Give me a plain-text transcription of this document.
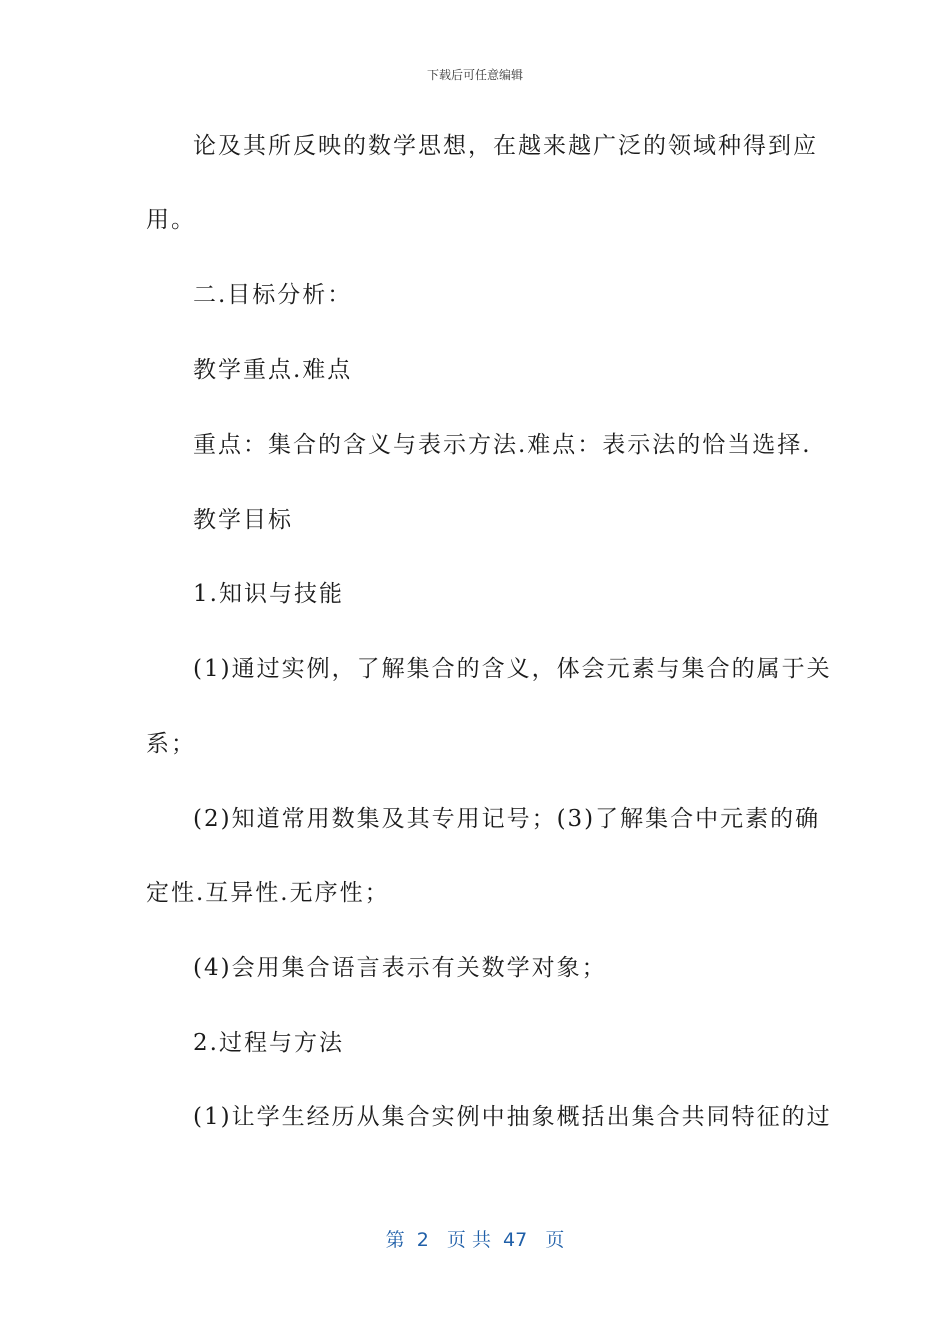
下载后可任意编辑
论及其所反映的数学思想，在越来越广泛的领域种得到应
用。
二.目标分析：
教学重点.难点
重点：集合的含义与表示方法.难点：表示法的恰当选择.
教学目标
1.知识与技能
(1)通过实例，了解集合的含义，体会元素与集合的属于关
系；
(2)知道常用数集及其专用记号；(3)了解集合中元素的确
定性.互异性.无序性；
(4)会用集合语言表示有关数学对象；
2.过程与方法
(1)让学生经历从集合实例中抽象概括出集合共同特征的过
第  2   页 共  47   页
